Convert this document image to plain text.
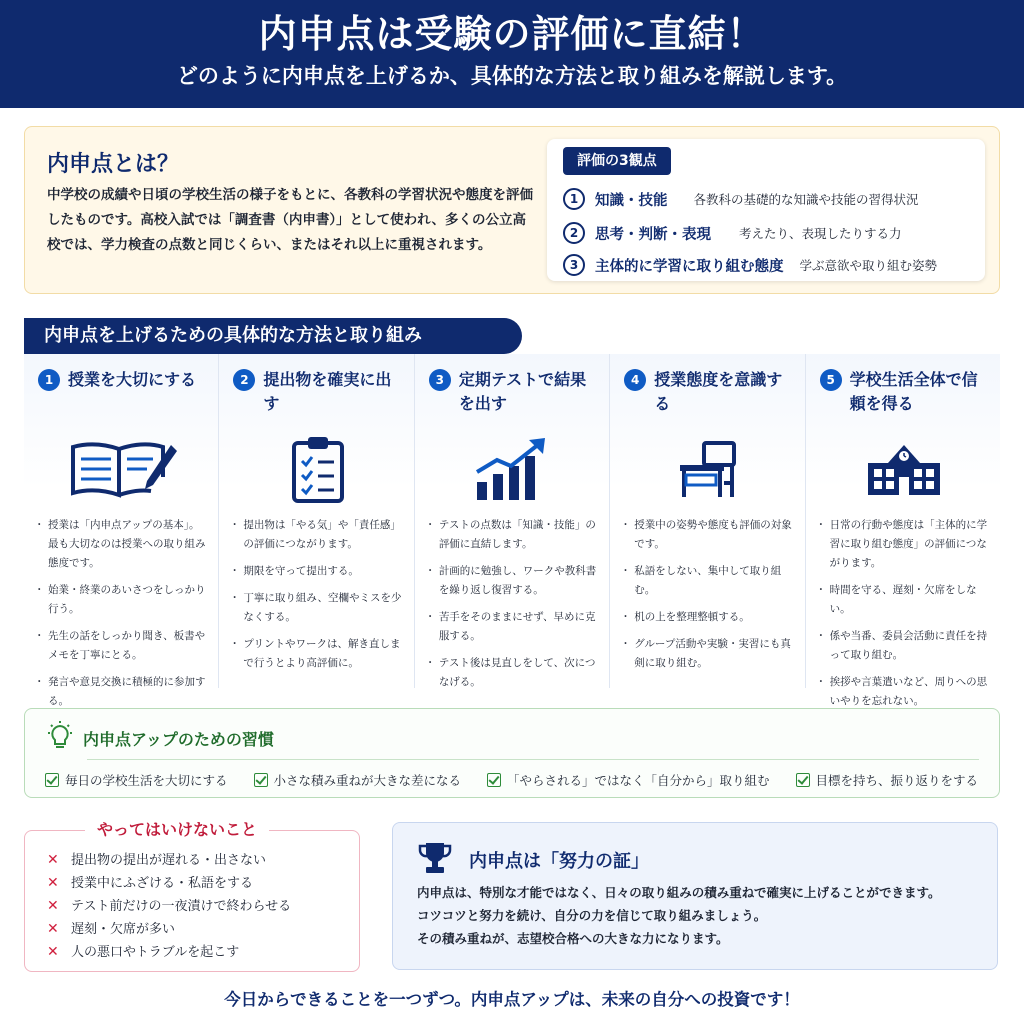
内申点は受験の評価に直結！
どのように内申点を上げるか、具体的な方法と取り組みを解説します。
内申点とは？

中学校の成績や日頃の学校生活の様子をもとに、各教科の学習状況や態度を評価したものです。高校入試では「調査書（内申書）」として使われ、多くの公立高校では、学力検査の点数と同じくらい、またはそれ以上に重視されます。

評価の3観点
1	知識・技能 各教科の基礎的な知識や技能の習得状況
2	思考・判断・表現 考えたり、表現したりする力
3	主体的に学習に取り組む態度 学ぶ意欲や取り組む姿勢
内申点を上げるための具体的な方法と取り組み
1 授業を大切にする
・ 授業は「内申点アップの基本」。最も大切なのは授業への取り組み態度です。
・ 始業・終業のあいさつをしっかり行う。
・ 先生の話をしっかり聞き、板書やメモを丁寧にとる。
・ 発言や意見交換に積極的に参加する。
2 提出物を確実に出す
・ 提出物は「やる気」や「責任感」の評価につながります。
・ 期限を守って提出する。
・ 丁寧に取り組み、空欄やミスを少なくする。
・ プリントやワークは、解き直しまで行うとより高評価に。
3 定期テストで結果を出す
・ テストの点数は「知識・技能」の評価に直結します。
・ 計画的に勉強し、ワークや教科書を繰り返し復習する。
・ 苦手をそのままにせず、早めに克服する。
・ テスト後は見直しをして、次につなげる。
4 授業態度を意識する
・ 授業中の姿勢や態度も評価の対象です。
・ 私語をしない、集中して取り組む。
・ 机の上を整理整頓する。
・ グループ活動や実験・実習にも真剣に取り組む。
5 学校生活全体で信頼を得る
・ 日常の行動や態度は「主体的に学習に取り組む態度」の評価につながります。
・ 時間を守る、遅刻・欠席をしない。
・ 係や当番、委員会活動に責任を持って取り組む。
・ 挨拶や言葉遣いなど、周りへの思いやりを忘れない。
内申点アップのための習慣
毎日の学校生活を大切にする	小さな積み重ねが大きな差になる	「やらされる」ではなく「自分から」取り組む	目標を持ち、振り返りをする
やってはいけないこと
✕ 提出物の提出が遅れる・出さない
✕ 授業中にふざける・私語をする
✕ テスト前だけの一夜漬けで終わらせる
✕ 遅刻・欠席が多い
✕ 人の悪口やトラブルを起こす
内申点は「努力の証」
内申点は、特別な才能ではなく、日々の取り組みの積み重ねで確実に上げることができます。
コツコツと努力を続け、自分の力を信じて取り組みましょう。
その積み重ねが、志望校合格への大きな力になります。
今日からできることを一つずつ。内申点アップは、未来の自分への投資です！
